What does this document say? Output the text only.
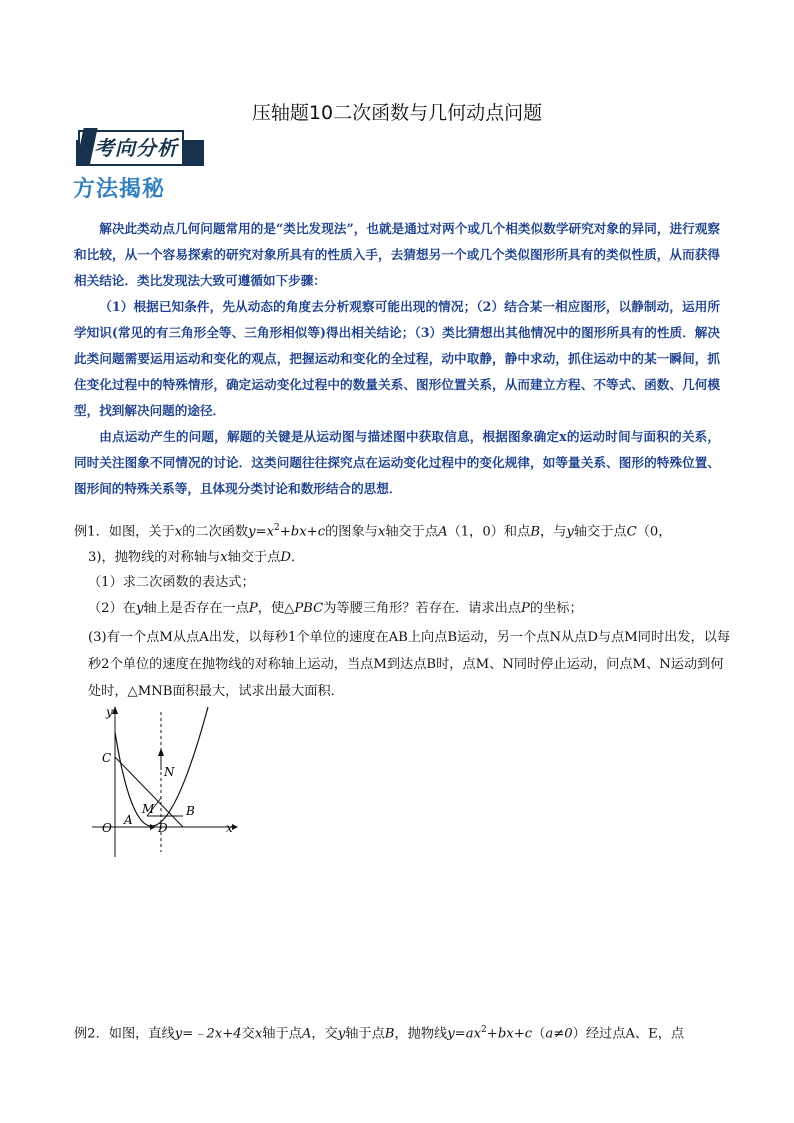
压轴题10二次函数与几何动点问题
考向分析
方法揭秘

解决此类动点几何问题常用的是“类比发现法”，也就是通过对两个或几个相类似数学研究对象的异同，进行观察和比较，从一个容易探索的研究对象所具有的性质入手，去猜想另一个或几个类似图形所具有的类似性质，从而获得相关结论．类比发现法大致可遵循如下步骤：

（1）根据已知条件，先从动态的角度去分析观察可能出现的情况；（2）结合某一相应图形，以静制动，运用所学知识(常见的有三角形全等、三角形相似等)得出相关结论；（3）类比猜想出其他情况中的图形所具有的性质．解决此类问题需要运用运动和变化的观点，把握运动和变化的全过程，动中取静，静中求动，抓住运动中的某一瞬间，抓住变化过程中的特殊情形，确定运动变化过程中的数量关系、图形位置关系，从而建立方程、不等式、函数、几何模型，找到解决问题的途径．

由点运动产生的问题，解题的关键是从运动图与描述图中获取信息，根据图象确定x的运动时间与面积的关系，同时关注图象不同情况的讨论．这类问题往往探究点在运动变化过程中的变化规律，如等量关系、图形的特殊位置、图形间的特殊关系等，且体现分类讨论和数形结合的思想．

例1．如图，关于x的二次函数$y=x^2+bx+c$的图象与x轴交于点A（1，0）和点B，与y轴交于点C（0，
3)，抛物线的对称轴与x轴交于点D．

（1）求二次函数的表达式；

（2）在y轴上是否存在一点P，使△PBC为等腰三角形？若存在．请求出点P的坐标；

(3)有一个点M从点A出发，以每秒1个单位的速度在AB上向点B运动，另一个点N从点D与点M同时出发，以每秒2个单位的速度在抛物线的对称轴上运动，当点M到达点B时，点M、N同时停止运动，问点M、N运动到何处时，△MNB面积最大，试求出最大面积．

y
x
O
C
N
M
A
B
D

例2．如图，直线y=﹣2x+4交x轴于点A，交y轴于点B，抛物线$y=ax^2+bx+c(a\ne 0)$经过点A、E，点
